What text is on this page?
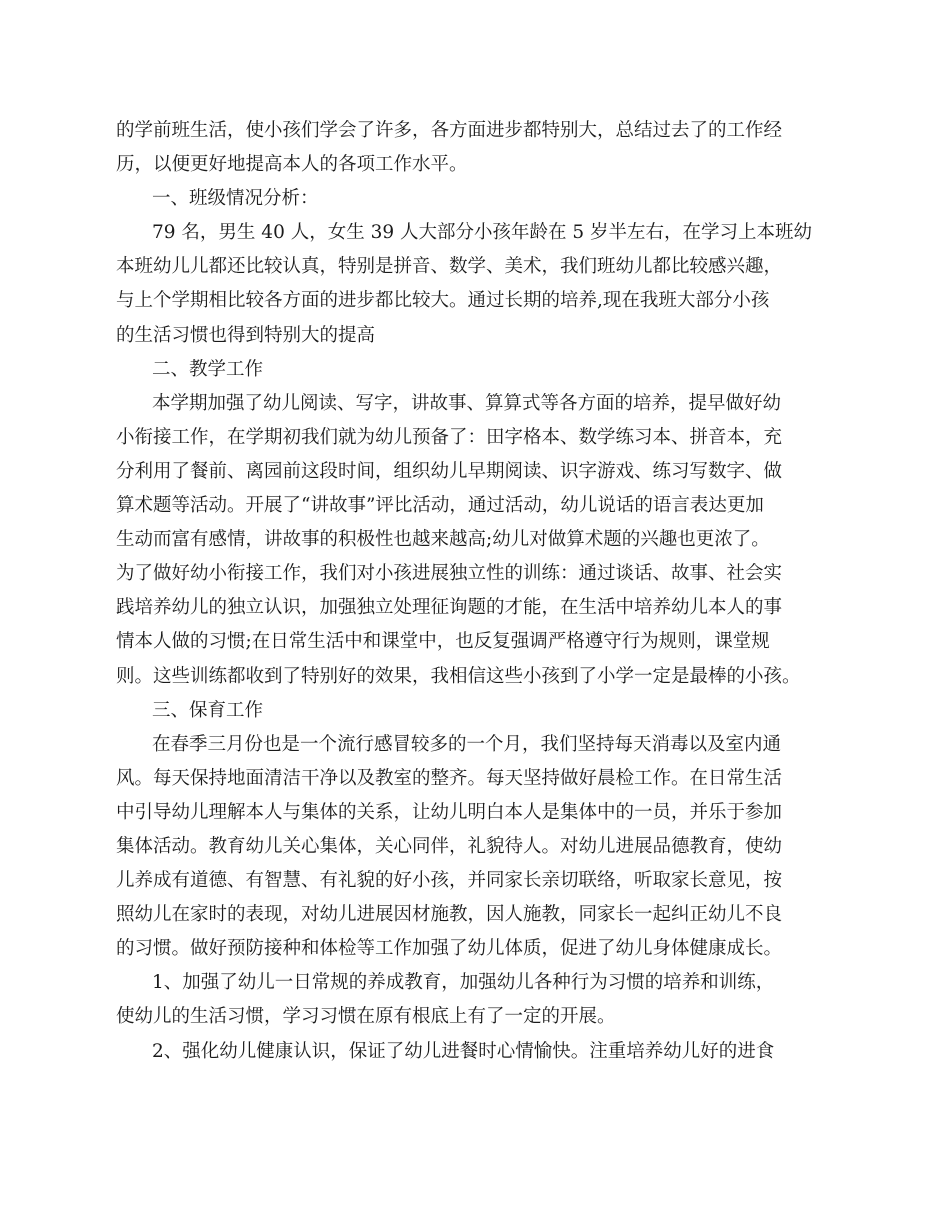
的学前班生活，使小孩们学会了许多，各方面进步都特别大，总结过去了的工作经
历，以便更好地提高本人的各项工作水平。
一、班级情况分析：
79 名，男生 40 人，女生 39 人大部分小孩年龄在 5 岁半左右，在学习上本班幼
本班幼儿儿都还比较认真，特别是拼音、数学、美术，我们班幼儿都比较感兴趣，
与上个学期相比较各方面的进步都比较大。通过长期的培养,现在我班大部分小孩
的生活习惯也得到特别大的提高
二、教学工作
本学期加强了幼儿阅读、写字，讲故事、算算式等各方面的培养，提早做好幼
小衔接工作，在学期初我们就为幼儿预备了：田字格本、数学练习本、拼音本，充
分利用了餐前、离园前这段时间，组织幼儿早期阅读、识字游戏、练习写数字、做
算术题等活动。开展了“讲故事”评比活动，通过活动，幼儿说话的语言表达更加
生动而富有感情，讲故事的积极性也越来越高;幼儿对做算术题的兴趣也更浓了。
为了做好幼小衔接工作，我们对小孩进展独立性的训练：通过谈话、故事、社会实
践培养幼儿的独立认识，加强独立处理征询题的才能，在生活中培养幼儿本人的事
情本人做的习惯;在日常生活中和课堂中，也反复强调严格遵守行为规则，课堂规
则。这些训练都收到了特别好的效果，我相信这些小孩到了小学一定是最棒的小孩。
三、保育工作
在春季三月份也是一个流行感冒较多的一个月，我们坚持每天消毒以及室内通
风。每天保持地面清洁干净以及教室的整齐。每天坚持做好晨检工作。在日常生活
中引导幼儿理解本人与集体的关系，让幼儿明白本人是集体中的一员，并乐于参加
集体活动。教育幼儿关心集体，关心同伴，礼貌待人。对幼儿进展品德教育，使幼
儿养成有道德、有智慧、有礼貌的好小孩，并同家长亲切联络，听取家长意见，按
照幼儿在家时的表现，对幼儿进展因材施教，因人施教，同家长一起纠正幼儿不良
的习惯。做好预防接种和体检等工作加强了幼儿体质，促进了幼儿身体健康成长。
1、加强了幼儿一日常规的养成教育，加强幼儿各种行为习惯的培养和训练，
使幼儿的生活习惯，学习习惯在原有根底上有了一定的开展。
2、强化幼儿健康认识，保证了幼儿进餐时心情愉快。注重培养幼儿好的进食
